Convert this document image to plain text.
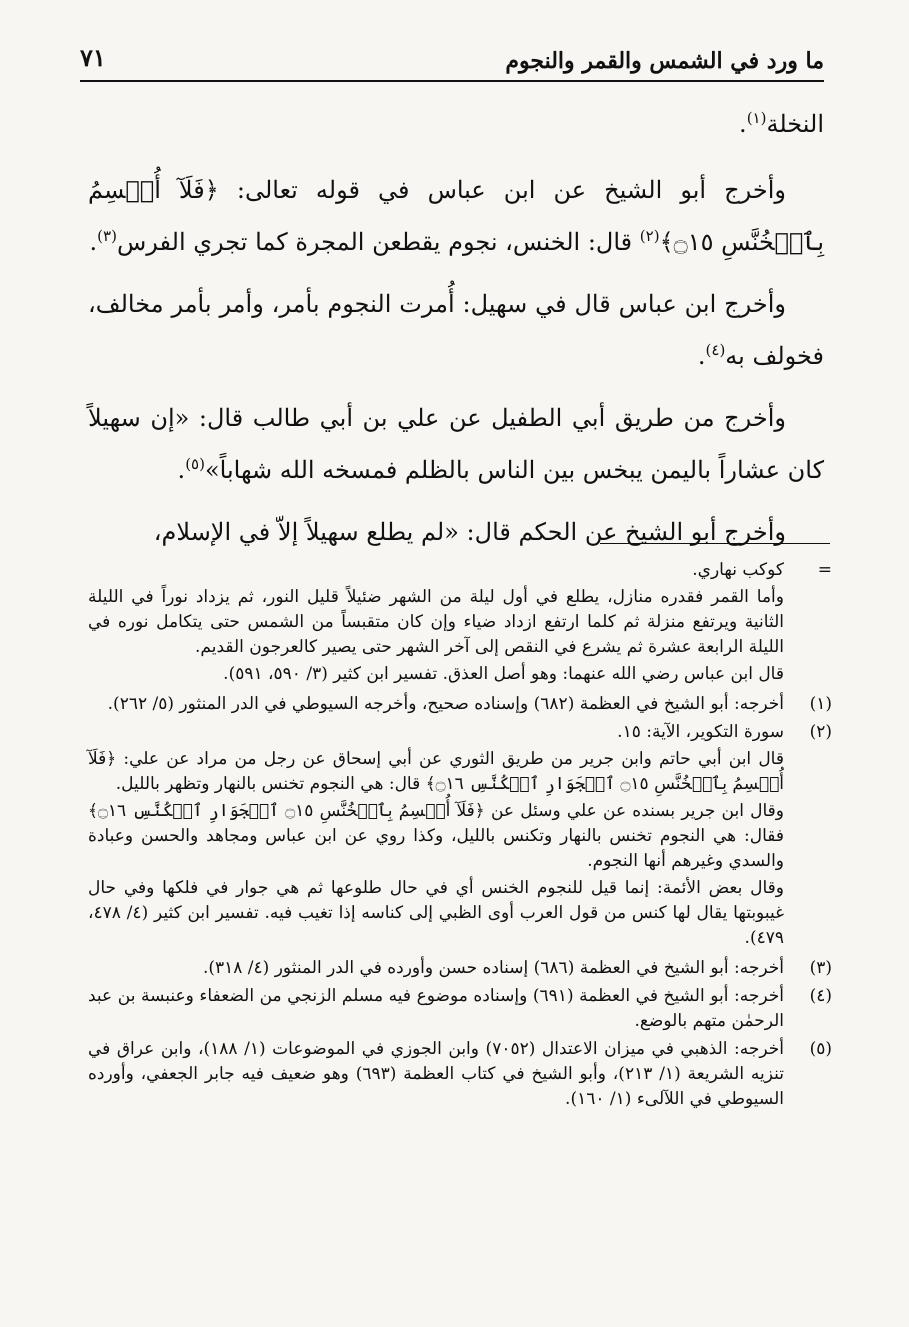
ما ورد في الشمس والقمر والنجوم
٧١

النخلة$^{(١)}$.

وأخرج أبو الشيخ عن ابن عباس في قوله تعالى: ﴿فَلَآ أُقۡسِمُ بِٱلۡخُنَّسِ ۝١٥﴾$^{(٢)}$ قال: الخنس، نجوم يقطعن المجرة كما تجري الفرس$^{(٣)}$.

وأخرج ابن عباس قال في سهيل: أُمرت النجوم بأمر، وأمر بأمر مخالف، فخولف به$^{(٤)}$.

وأخرج من طريق أبي الطفيل عن علي بن أبي طالب قال: «إن سهيلاً كان عشاراً باليمن يبخس بين الناس بالظلم فمسخه الله شهاباً»$^{(٥)}$.

وأخرج أبو الشيخ عن الحكم قال: «لم يطلع سهيلاً إلاّ في الإسلام،

=
كوكب نهاري.
وأما القمر فقدره منازل، يطلع في أول ليلة من الشهر ضئيلاً قليل النور، ثم يزداد نوراً في الليلة الثانية ويرتفع منزلة ثم كلما ارتفع ازداد ضياء وإن كان متقبساً من الشمس حتى يتكامل نوره في الليلة الرابعة عشرة ثم يشرع في النقص إلى آخر الشهر حتى يصير كالعرجون القديم.
قال ابن عباس رضي الله عنهما: وهو أصل العذق. تفسير ابن كثير (٣/ ٥٩٠، ٥٩١).
(١)
أخرجه: أبو الشيخ في العظمة (٦٨٢) وإسناده صحيح، وأخرجه السيوطي في الدر المنثور (٥/ ٢٦٢).
(٢)
سورة التكوير، الآية: ١٥.
قال ابن أبي حاتم وابن جرير من طريق الثوري عن أبي إسحاق عن رجل من مراد عن علي: ﴿فَلَآ أُقۡسِمُ بِٱلۡخُنَّسِ ۝١٥ ٱلۡجَوَارِ ٱلۡكُنَّسِ ۝١٦﴾ قال: هي النجوم تخنس بالنهار وتظهر بالليل.
وقال ابن جرير بسنده عن علي وسئل عن ﴿فَلَآ أُقۡسِمُ بِٱلۡخُنَّسِ ۝١٥ ٱلۡجَوَارِ ٱلۡكُنَّسِ ۝١٦﴾ فقال: هي النجوم تخنس بالنهار وتكنس بالليل، وكذا روي عن ابن عباس ومجاهد والحسن وعبادة والسدي وغيرهم أنها النجوم.
وقال بعض الأئمة: إنما قيل للنجوم الخنس أي في حال طلوعها ثم هي جوار في فلكها وفي حال غيبوبتها يقال لها كنس من قول العرب أوى الظبي إلى كناسه إذا تغيب فيه. تفسير ابن كثير (٤/ ٤٧٨، ٤٧٩).
(٣)
أخرجه: أبو الشيخ في العظمة (٦٨٦) إسناده حسن وأورده في الدر المنثور (٤/ ٣١٨).
(٤)
أخرجه: أبو الشيخ في العظمة (٦٩١) وإسناده موضوع فيه مسلم الزنجي من الضعفاء وعنبسة بن عبد الرحمٰن متهم بالوضع.
(٥)
أخرجه: الذهبي في ميزان الاعتدال (٧٠٥٢) وابن الجوزي في الموضوعات (١/ ١٨٨)، وابن عراق في تنزيه الشريعة (١/ ٢١٣)، وأبو الشيخ في كتاب العظمة (٦٩٣) وهو ضعيف فيه جابر الجعفي، وأورده السيوطي في اللآلىء (١/ ١٦٠).
